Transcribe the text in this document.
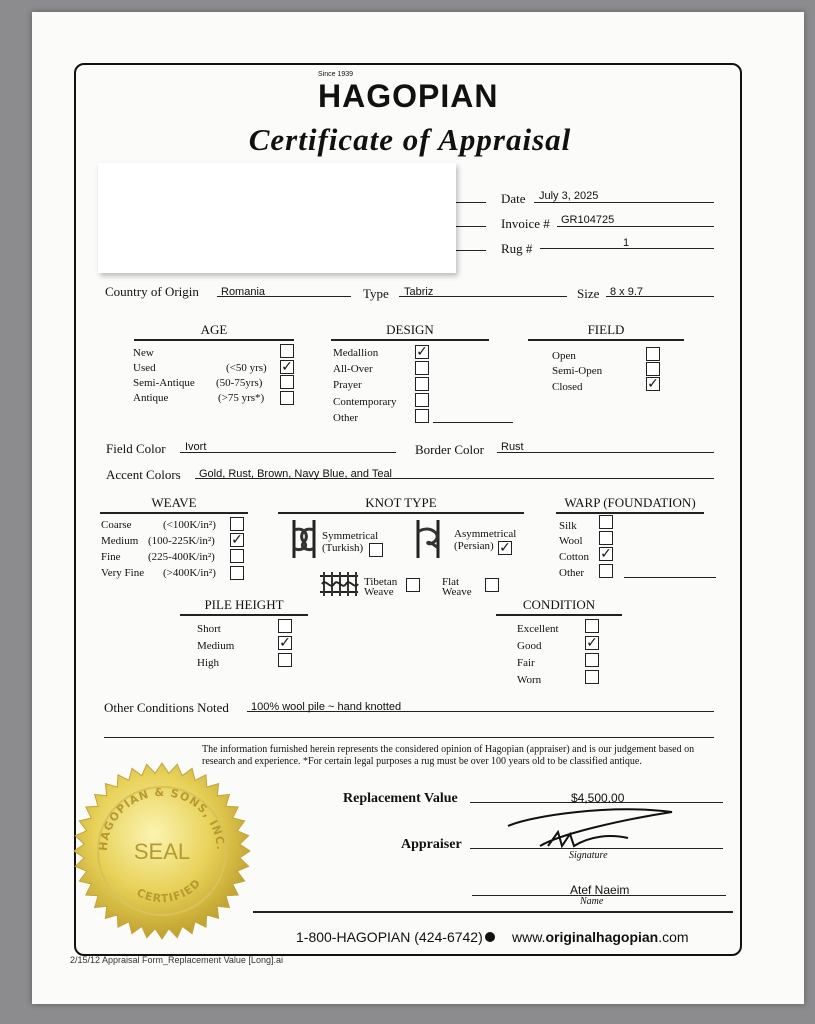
Since 1939
HAGOPIAN
Certificate of Appraisal
Date July 3, 2025
Invoice # GR104725
Rug #	1
Country of Origin Romania	Type Tabriz	Size 8 x 9.7
AGE
New
Used	(<50 yrs) ✓
Semi-Antique (50-75yrs)
Antique	(>75 yrs*)
DESIGN
Medallion	✓
All-Over
Prayer
Contemporary
Other
FIELD
Open
Semi-Open
Closed	✓
Field Color Ivort	Border Color Rust
Accent Colors Gold, Rust, Brown, Navy Blue, and Teal
WEAVE
Coarse	(<100K/in²)
Medium (100-225K/in²) ✓
Fine (225-400K/in²)
Very Fine (>400K/in²)
KNOT TYPE
Symmetrical
(Turkish)
Asymmetrical
(Persian) ✓
Tibetan
Weave
Flat
Weave
WARP (FOUNDATION)
Silk
Wool
Cotton ✓
Other
PILE HEIGHT
Short
Medium	✓
High
CONDITION
Excellent
Good	✓
Fair
Worn
Other Conditions Noted 100% wool pile ~ hand knotted
The information furnished herein represents the considered opinion of Hagopian (appraiser) and is our judgement based on research and experience. *For certain legal purposes a rug must be over 100 years old to be classified antique.
HAGOPIAN & SONS, INC.
CERTIFIED
SEAL
Replacement Value	$4,500.00
Appraiser
Signature
Atef Naeim
Name
1-800-HAGOPIAN (424-6742) www.originalhagopian.com
2/15/12 Appraisal Form_Replacement Value [Long].ai
